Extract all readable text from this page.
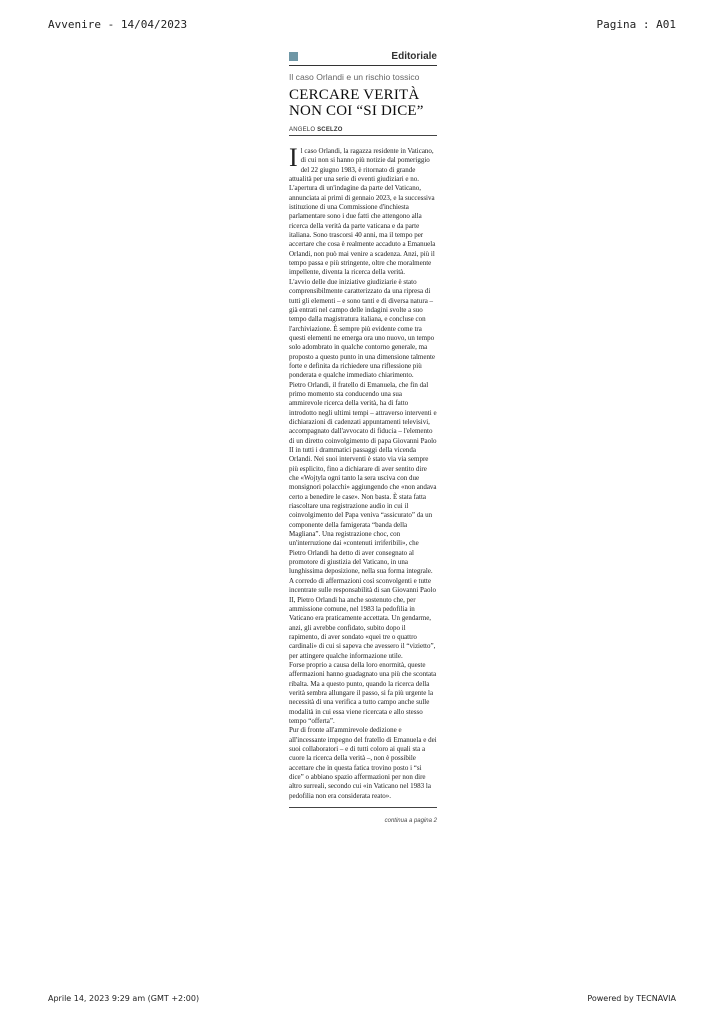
Avvenire - 14/04/2023	Pagina : A01
Editoriale
Il caso Orlandi e un rischio tossico
CERCARE VERITÀ
NON COI “SI DICE”
ANGELO SCELZO

Il caso Orlandi, la ragazza residente in Vaticano, di cui non si hanno più notizie dal pomeriggio del 22 giugno 1983, è ritornato di grande attualità per una serie di eventi giudiziari e no. L'apertura di un'indagine da parte del Vaticano, annunciata ai primi di gennaio 2023, e la successiva istituzione di una Commissione d'inchiesta parlamentare sono i due fatti che attengono alla ricerca della verità da parte vaticana e da parte italiana. Sono trascorsi 40 anni, ma il tempo per accertare che cosa è realmente accaduto a Emanuela Orlandi, non può mai venire a scadenza. Anzi, più il tempo passa e più stringente, oltre che moralmente impellente, diventa la ricerca della verità.

L'avvio delle due iniziative giudiziarie è stato comprensibilmente caratterizzato da una ripresa di tutti gli elementi – e sono tanti e di diversa natura – già entrati nel campo delle indagini svolte a suo tempo dalla magistratura italiana, e concluse con l'archiviazione. È sempre più evidente come tra questi elementi ne emerga ora uno nuovo, un tempo solo adombrato in qualche contorno generale, ma proposto a questo punto in una dimensione talmente forte e definita da richiedere una riflessione più ponderata e qualche immediato chiarimento.

Pietro Orlandi, il fratello di Emanuela, che fin dal primo momento sta conducendo una sua ammirevole ricerca della verità, ha di fatto introdotto negli ultimi tempi – attraverso interventi e dichiarazioni di cadenzati appuntamenti televisivi, accompagnato dall'avvocato di fiducia – l'elemento di un diretto coinvolgimento di papa Giovanni Paolo II in tutti i drammatici passaggi della vicenda Orlandi. Nei suoi interventi è stato via via sempre più esplicito, fino a dichiarare di aver sentito dire che «Wojtyla ogni tanto la sera usciva con due monsignori polacchi» aggiungendo che «non andava certo a benedire le case». Non basta. È stata fatta riascoltare una registrazione audio in cui il coinvolgimento del Papa veniva “assicurato” da un componente della famigerata “banda della Magliana”. Una registrazione choc, con un'interruzione dai «contenuti irriferibili», che Pietro Orlandi ha detto di aver consegnato al promotore di giustizia del Vaticano, in una lunghissima deposizione, nella sua forma integrale. A corredo di affermazioni così sconvolgenti e tutte incentrate sulle responsabilità di san Giovanni Paolo II, Pietro Orlandi ha anche sostenuto che, per ammissione comune, nel 1983 la pedofilia in Vaticano era praticamente accettata. Un gendarme, anzi, gli avrebbe confidato, subito dopo il rapimento, di aver sondato «quei tre o quattro cardinali» di cui si sapeva che avessero il “vizietto”, per attingere qualche informazione utile.

Forse proprio a causa della loro enormità, queste affermazioni hanno guadagnato una più che scontata ribalta. Ma a questo punto, quando la ricerca della verità sembra allungare il passo, si fa più urgente la necessità di una verifica a tutto campo anche sulle modalità in cui essa viene ricercata e allo stesso tempo “offerta”.

Pur di fronte all'ammirevole dedizione e all'incessante impegno del fratello di Emanuela e dei suoi collaboratori – e di tutti coloro ai quali sta a cuore la ricerca della verità –, non è possibile accettare che in questa fatica trovino posto i “si dice” o abbiano spazio affermazioni per non dire altro surreali, secondo cui «in Vaticano nel 1983 la pedofilia non era considerata reato».

continua a pagina 2
Aprile 14, 2023 9:29 am (GMT +2:00)	Powered by TECNAVIA
